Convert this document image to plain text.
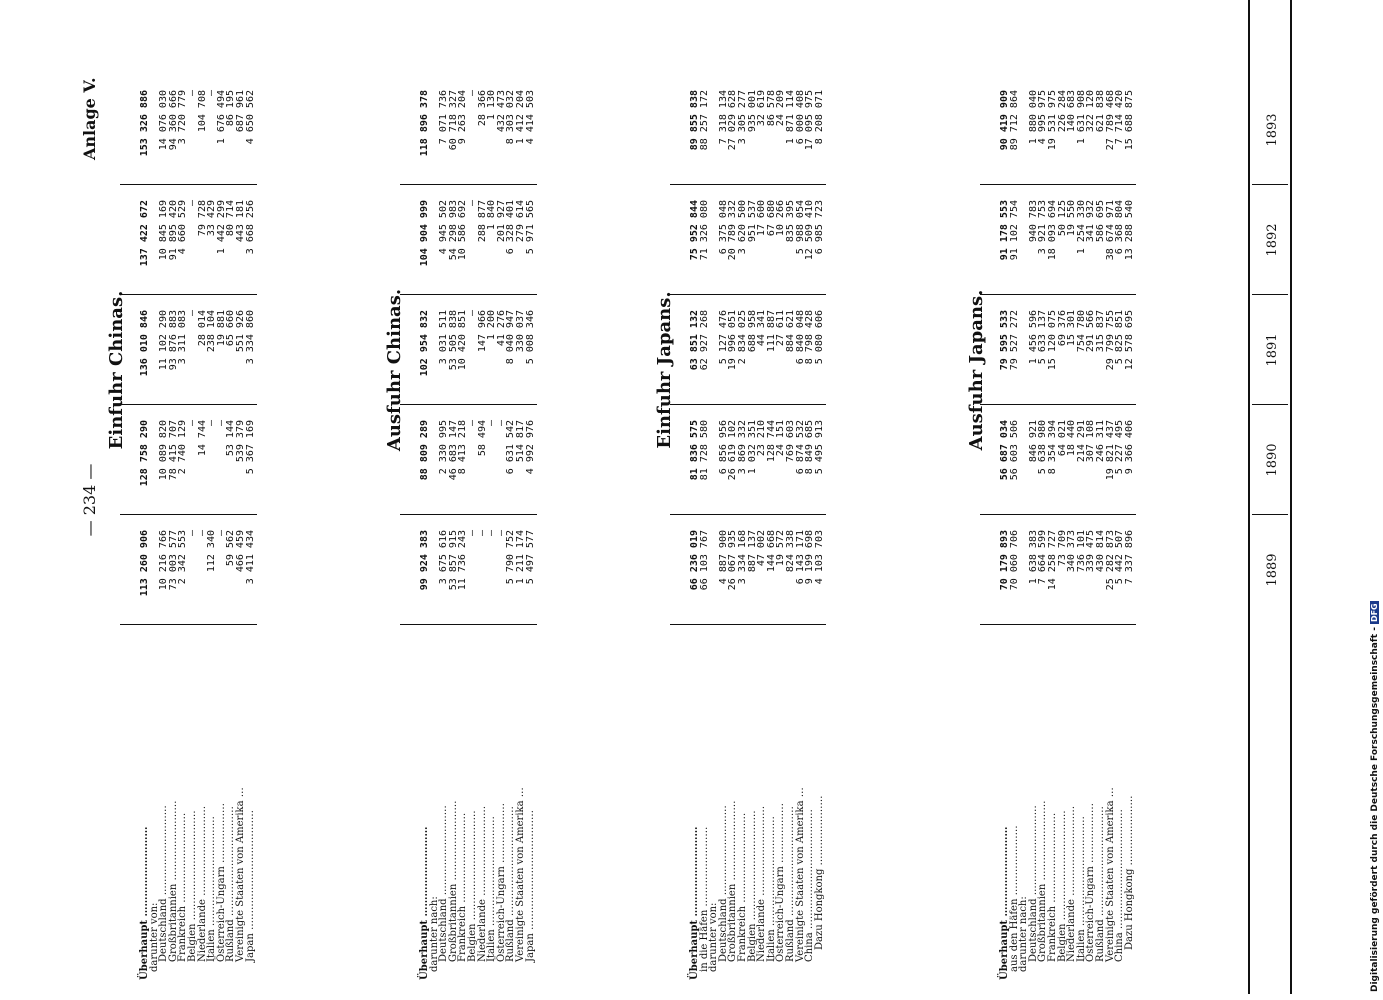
Anlage V.
— 234 —
1889
1890
1891
1892
1893
Einfuhr Chinas.
Überhaupt ………………………
darunter von:
Deutschland ………………………
Großbritannien ……………………
Frankreich ………………………
Belgien ……………………………
Niederlande ………………………
Italien ……………………………
Österreich-Ungarn ………………
Rußland ……………………………
Vereinigte Staaten von Amerika …
Japan ………………………………
113 260 906 10 216 766
73 003 577
2 342 553
—
—
112 340
—
59 562
466 459
3 411 434
128 758 290 10 089 820
78 415 707
2 740 129
—
14 744
—
—
53 144
539 379
5 367 169
136 010 846 11 102 290
93 876 883
3 311 083
—
28 014
238 104
19 881
65 660
551 926
3 334 860
137 422 672 10 845 169
91 895 420
4 660 529
—
79 728
33 429
1 442 299
80 714
443 181
3 668 256
153 326 886 14 076 030
94 360 666
3 720 779
—
104 708
—
1 676 494
86 195
687 961
4 650 562
Ausfuhr Chinas.
Überhaupt ………………………
darunter nach:
Deutschland ………………………
Großbritannien ……………………
Frankreich ………………………
Belgien ……………………………
Niederlande ………………………
Italien ……………………………
Österreich-Ungarn ………………
Rußland ……………………………
Vereinigte Staaten von Amerika …
Japan ………………………………
99 924 383 3 675 616
53 857 915
11 736 243
—
—
—
—
5 790 752
1 211 174
5 497 577
88 809 289 2 330 995
46 683 147
8 413 218
—
58 494
—
—
6 631 542
514 817
4 992 976
102 954 832 3 031 511
53 505 838
10 420 851
—
147 966
1 200
41 276
8 040 947
330 037
5 008 346
104 904 999 4 945 502
54 298 983
10 586 692
—
288 877
1 840
201 927
6 328 401
279 614
5 971 565
118 896 378 7 071 736
60 718 327
9 263 204
—
28 366
1 130
432 473
8 303 032
1 412 204
4 414 503
Einfuhr Japans.
Überhaupt ………………………
in die Häfen ……………………
darunter von:
Deutschland ………………………
Großbritannien ……………………
Frankreich ………………………
Belgien ……………………………
Niederlande ………………………
Italien ……………………………
Österreich-Ungarn ………………
Rußland ……………………………
Vereinigte Staaten von Amerika …
China ………………………………
Dazu Hongkong …………………
66 236 019
66 103 767 4 887 900
26 067 935
3 334 168
887 137
47 002
144 668
19 572
824 338
6 143 171
9 199 698
4 103 703
81 836 575
81 728 580 6 856 956
26 619 102
3 869 332
1 032 351
23 210
128 744
24 151
769 603
6 874 532
8 849 685
5 495 913
63 851 132
62 927 268 5 127 476
19 996 051
2 834 025
688 958
44 341
111 887
27 611
884 621
6 840 048
8 798 428
5 080 606
75 952 844
71 326 080 6 375 048
20 789 332
3 620 500
951 537
17 600
67 680
10 266
835 395
5 988 054
12 509 410
6 985 723
89 855 838
88 257 172 7 318 134
27 029 628
3 305 277
935 001
32 619
86 578
24 209
1 871 114
6 000 408
17 095 975
8 208 071
Ausfuhr Japans.
Überhaupt ………………………
aus den Häfen …………………
darunter nach:
Deutschland ………………………
Großbritannien ……………………
Frankreich ………………………
Belgien ……………………………
Niederlande ………………………
Italien ……………………………
Österreich-Ungarn ………………
Rußland ……………………………
Vereinigte Staaten von Amerika …
China ………………………………
Dazu Hongkong …………………
70 179 893
70 060 706 1 638 383
7 664 599
14 258 727
73 709
340 373
736 101
339 475
430 814
25 282 873
5 442 507
7 337 896
56 687 034
56 603 506 846 921
5 638 980
8 354 394
64 021
18 440
214 291
307 108
246 311
19 821 437
5 227 495
9 366 406
79 595 533
79 527 272 1 456 596
5 633 137
15 120 075
69 376
15 301
754 780
291 566
315 837
29 799 755
5 825 851
12 578 695
91 178 553
91 102 754 940 783
3 921 753
18 093 694
50 125
19 550
1 254 330
341 932
586 695
38 674 971
6 368 804
13 288 540
90 419 909
89 712 864 1 880 040
4 995 975
19 531 975
226 284
140 683
1 631 908
322 120
621 838
27 789 468
7 714 420
15 688 875
Digitalisierung gefördert durch die Deutsche Forschungsgemeinschaft -DFG
